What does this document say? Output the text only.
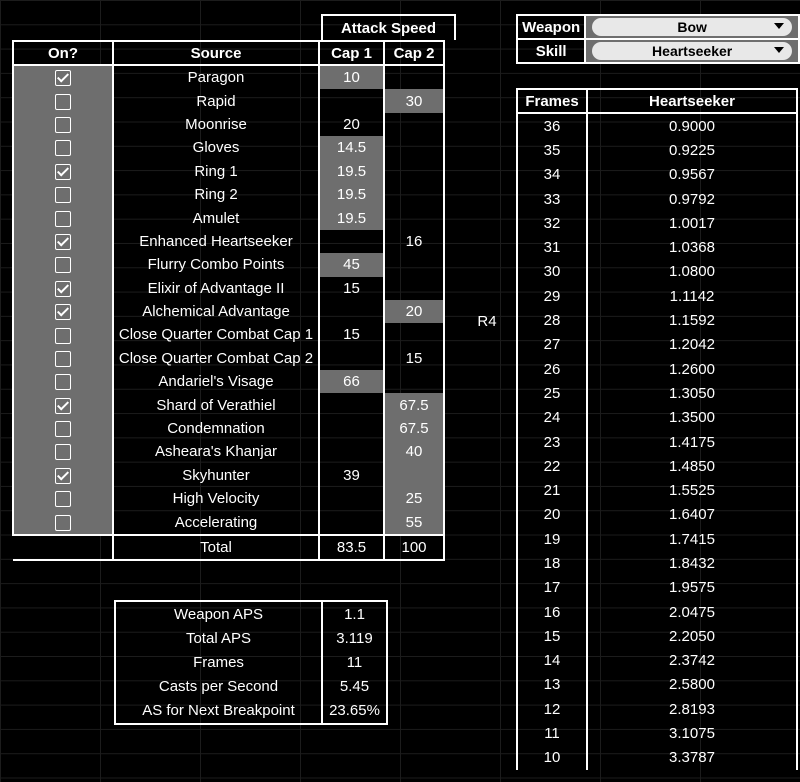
Attack Speed
On?	Source	Cap 1	Cap 2
	Paragon	10	
	Rapid		30
	Moonrise	20	
	Gloves	14.5	
	Ring 1	19.5	
	Ring 2	19.5	
	Amulet	19.5	
	Enhanced Heartseeker		16
	Flurry Combo Points	45	
	Elixir of Advantage II	15	
	Alchemical Advantage		20
	Close Quarter Combat Cap 1	15	
	Close Quarter Combat Cap 2		15
	Andariel's Visage	66	
	Shard of Verathiel		67.5
	Condemnation		67.5
	Asheara's Khanjar		40
	Skyhunter	39	
	High Velocity		25
	Accelerating		55
	Total	83.5	100
Weapon APS	1.1
Total APS	3.119
Frames	11
Casts per Second	5.45
AS for Next Breakpoint	23.65%
Weapon	Bow

Skill	Heartseeker
R4
Frames	Heartseeker
36	0.9000
35	0.9225
34	0.9567
33	0.9792
32	1.0017
31	1.0368
30	1.0800
29	1.1142
28	1.1592
27	1.2042
26	1.2600
25	1.3050
24	1.3500
23	1.4175
22	1.4850
21	1.5525
20	1.6407
19	1.7415
18	1.8432
17	1.9575
16	2.0475
15	2.2050
14	2.3742
13	2.5800
12	2.8193
11	3.1075
10	3.3787
